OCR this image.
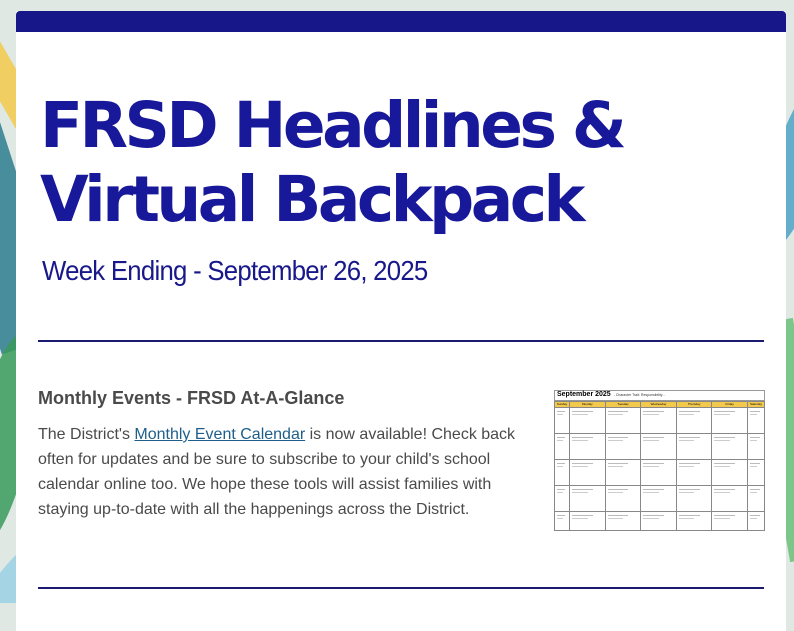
FRSD Headlines &
Virtual Backpack
Week Ending - September 26, 2025
Monthly Events - FRSD At-A-Glance

The District's Monthly Event Calendar is now available! Check back often for updates and be sure to subscribe to your child's school calendar online too. We hope these tools will assist families with staying up-to-date with all the happenings across the District.

September 2025 - Character Trait: Responsibility -
Sunday	Monday	Tuesday	Wednesday	Thursday	Friday	Saturday
